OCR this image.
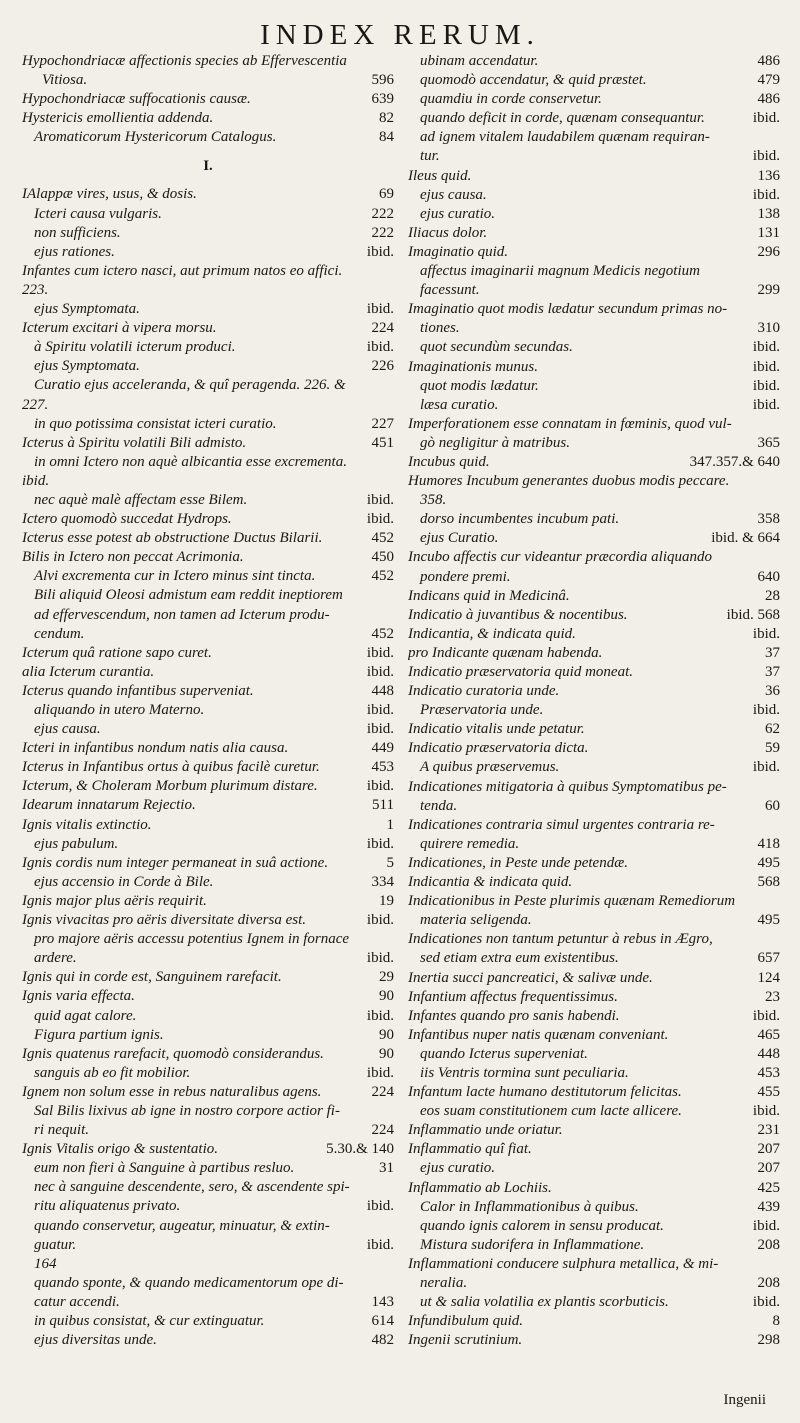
INDEX RERUM.
Hypochondriacæ affectionis species ab Effervescentia
Vitiosa.	596
Hypochondriacæ suffocationis causæ.	639
Hystericis emollientia addenda.	82
Aromaticorum Hystericorum Catalogus.	84
I.
IAlappæ vires, usus, & dosis.	69
Icteri causa vulgaris.	222
non sufficiens.	222
ejus rationes.	ibid.
Infantes cum ictero nasci, aut primum natos eo affici.
223.
ejus Symptomata.	ibid.
Icterum excitari à vipera morsu.	224
à Spiritu volatili icterum produci.	ibid.
ejus Symptomata.	226
Curatio ejus acceleranda, & quî peragenda. 226. &
227.
in quo potissima consistat icteri curatio.	227
Icterus à Spiritu volatili Bili admisto.	451
in omni Ictero non aquè albicantia esse excrementa.
ibid.
nec aquè malè affectam esse Bilem.	ibid.
Ictero quomodò succedat Hydrops.	ibid.
Icterus esse potest ab obstructione Ductus Bilarii.	452
Bilis in Ictero non peccat Acrimonia.	450
Alvi excrementa cur in Ictero minus sint tincta.	452
Bili aliquid Oleosi admistum eam reddit ineptiorem
ad effervescendum, non tamen ad Icterum produ-
cendum.	452
Icterum quâ ratione sapo curet.	ibid.
alia Icterum curantia.	ibid.
Icterus quando infantibus superveniat.	448
aliquando in utero Materno.	ibid.
ejus causa.	ibid.
Icteri in infantibus nondum natis alia causa.	449
Icterus in Infantibus ortus à quibus facilè curetur.	453
Icterum, & Choleram Morbum plurimum distare.	ibid.
Idearum innatarum Rejectio.	511
Ignis vitalis extinctio.	1
ejus pabulum.	ibid.
Ignis cordis num integer permaneat in suâ actione.	5
ejus accensio in Corde à Bile.	334
Ignis major plus aëris requirit.	19
Ignis vivacitas pro aëris diversitate diversa est.	ibid.
pro majore aëris accessu potentius Ignem in fornace
ardere.	ibid.
Ignis qui in corde est, Sanguinem rarefacit.	29
Ignis varia effecta.	90
quid agat calore.	ibid.
Figura partium ignis.	90
Ignis quatenus rarefacit, quomodò considerandus.	90
sanguis ab eo fit mobilior.	ibid.
Ignem non solum esse in rebus naturalibus agens.	224
Sal Bilis lixivus ab igne in nostro corpore actior fi-
ri nequit.	224
Ignis Vitalis origo & sustentatio.	5.30.& 140
eum non fieri à Sanguine à partibus resluo.	31
nec à sanguine descendente, sero, & ascendente spi-
ritu aliquatenus privato.	ibid.
quando conservetur, augeatur, minuatur, & extin-
guatur.	ibid.
164
quando sponte, & quando medicamentorum ope di-
catur accendi.	143
in quibus consistat, & cur extinguatur.	614
ejus diversitas unde.	482
ubinam accendatur.	486
quomodò accendatur, & quid præstet.	479
quamdiu in corde conservetur.	486
quando deficit in corde, quænam consequantur.	ibid.
ad ignem vitalem laudabilem quænam requiran-
tur.	ibid.
Ileus quid.	136
ejus causa.	ibid.
ejus curatio.	138
Iliacus dolor.	131
Imaginatio quid.	296
affectus imaginarii magnum Medicis negotium
facessunt.	299
Imaginatio quot modis lædatur secundum primas no-
tiones.	310
quot secundùm secundas.	ibid.
Imaginationis munus.	ibid.
quot modis lædatur.	ibid.
læsa curatio.	ibid.
Imperforationem esse connatam in fœminis, quod vul-
gò negligitur à matribus.	365
Incubus quid.	347.357.& 640
Humores Incubum generantes duobus modis peccare.
358.
dorso incumbentes incubum pati.	358
ejus Curatio.	ibid. & 664
Incubo affectis cur videantur præcordia aliquando
pondere premi.	640
Indicans quid in Medicinâ.	28
Indicatio à juvantibus & nocentibus.	ibid. 568
Indicantia, & indicata quid.	ibid.
pro Indicante quænam habenda.	37
Indicatio præservatoria quid moneat.	37
Indicatio curatoria unde.	36
Præservatoria unde.	ibid.
Indicatio vitalis unde petatur.	62
Indicatio præservatoria dicta.	59
A quibus præservemus.	ibid.
Indicationes mitigatoria à quibus Symptomatibus pe-
tenda.	60
Indicationes contraria simul urgentes contraria re-
quirere remedia.	418
Indicationes, in Peste unde petendæ.	495
Indicantia & indicata quid.	568
Indicationibus in Peste plurimis quænam Remediorum
materia seligenda.	495
Indicationes non tantum petuntur à rebus in Ægro,
sed etiam extra eum existentibus.	657
Inertia succi pancreatici, & salivæ unde.	124
Infantium affectus frequentissimus.	23
Infantes quando pro sanis habendi.	ibid.
Infantibus nuper natis quænam conveniant.	465
quando Icterus superveniat.	448
iis Ventris tormina sunt peculiaria.	453
Infantum lacte humano destitutorum felicitas.	455
eos suam constitutionem cum lacte allicere.	ibid.
Inflammatio unde oriatur.	231
Inflammatio quî fiat.	207
ejus curatio.	207
Inflammatio ab Lochiis.	425
Calor in Inflammationibus à quibus.	439
quando ignis calorem in sensu producat.	ibid.
Mistura sudorifera in Inflammatione.	208
Inflammationi conducere sulphura metallica, & mi-
neralia.	208
ut & salia volatilia ex plantis scorbuticis.	ibid.
Infundibulum quid.	8
Ingenii scrutinium.	298
Ingenii
